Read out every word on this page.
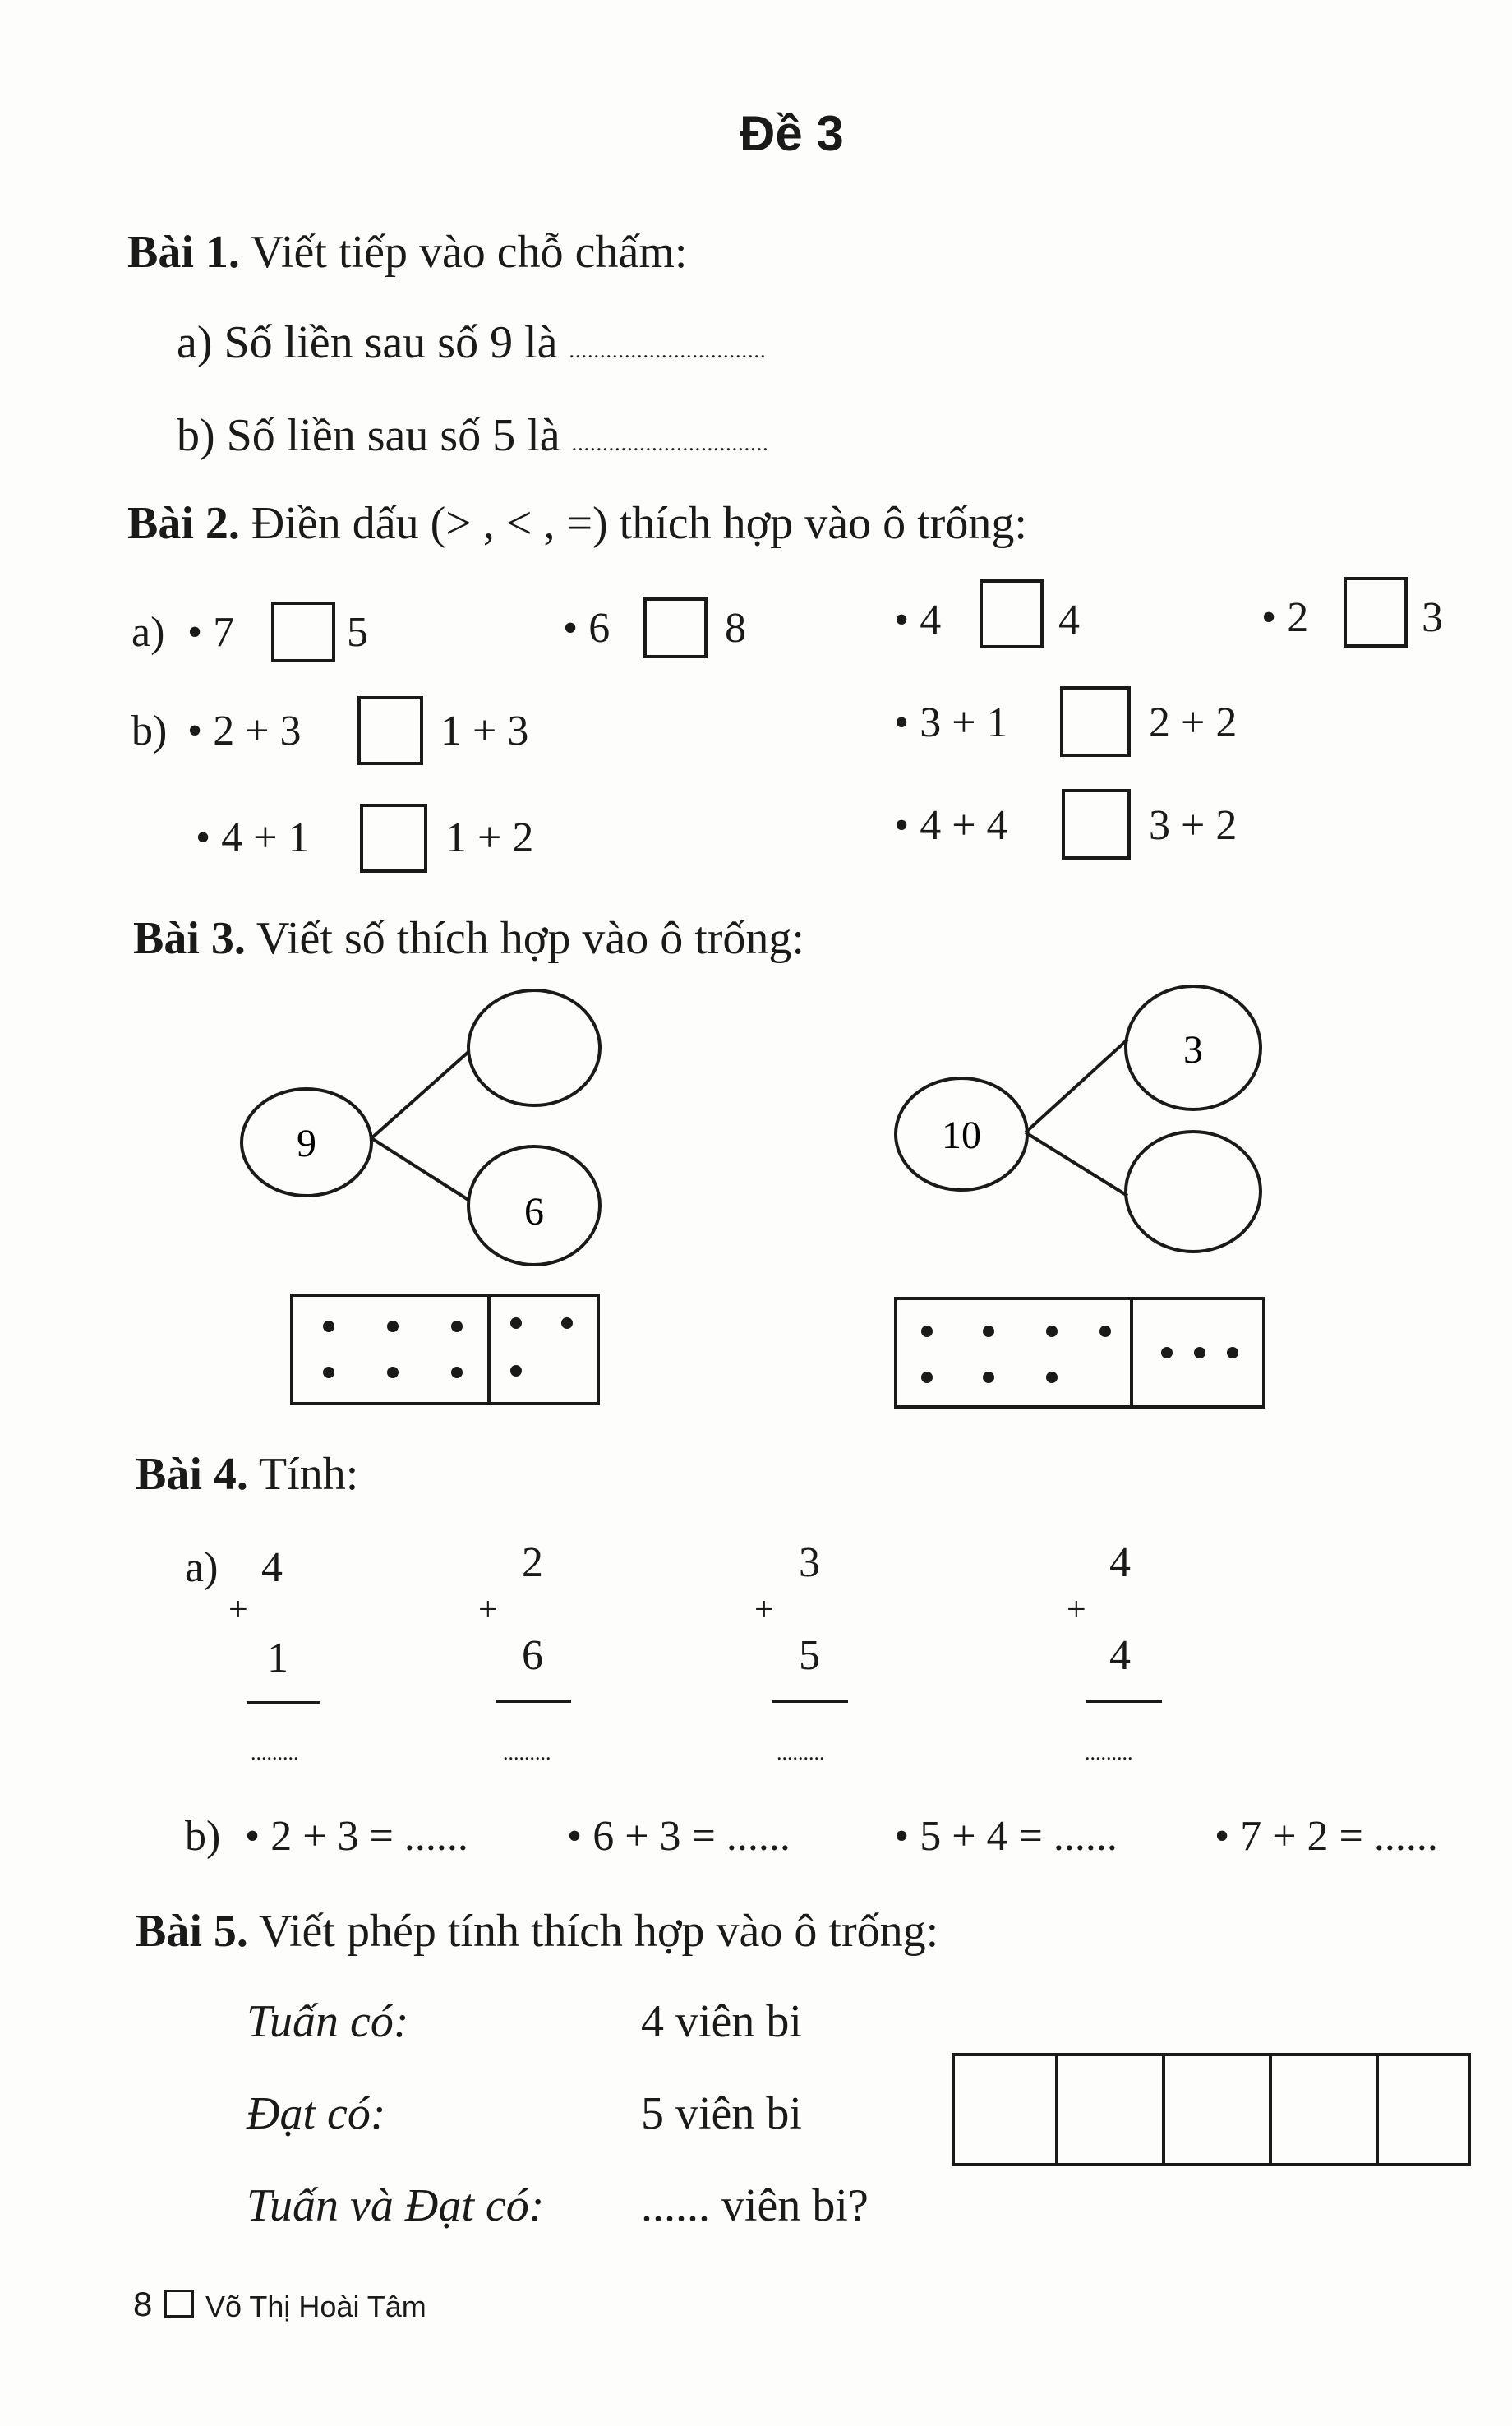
Đề 3
Bài 1. Viết tiếp vào chỗ chấm:
a) Số liền sau số 9 là ................................
b) Số liền sau số 5 là ................................
Bài 2. Điền dấu (> , < , =) thích hợp vào ô trống:
a) • 7	5	• 6	8	• 4	4	• 2	3
b) • 2 + 3	1 + 3	• 3 + 1	2 + 2
• 4 + 1	1 + 2	• 4 + 4	3 + 2
Bài 3. Viết số thích hợp vào ô trống:
9
6
10
3
Bài 4. Tính:
a) 4
+
1
.........
2
+
6
.........
3
+
5
.........
4
+
4
.........
b) • 2 + 3 = ...... • 6 + 3 = ...... • 5 + 4 = ...... • 7 + 2 = ......
Bài 5. Viết phép tính thích hợp vào ô trống:
Tuấn có:	4 viên bi
Đạt có:	5 viên bi
Tuấn và Đạt có: ...... viên bi?
8 Võ Thị Hoài Tâm
